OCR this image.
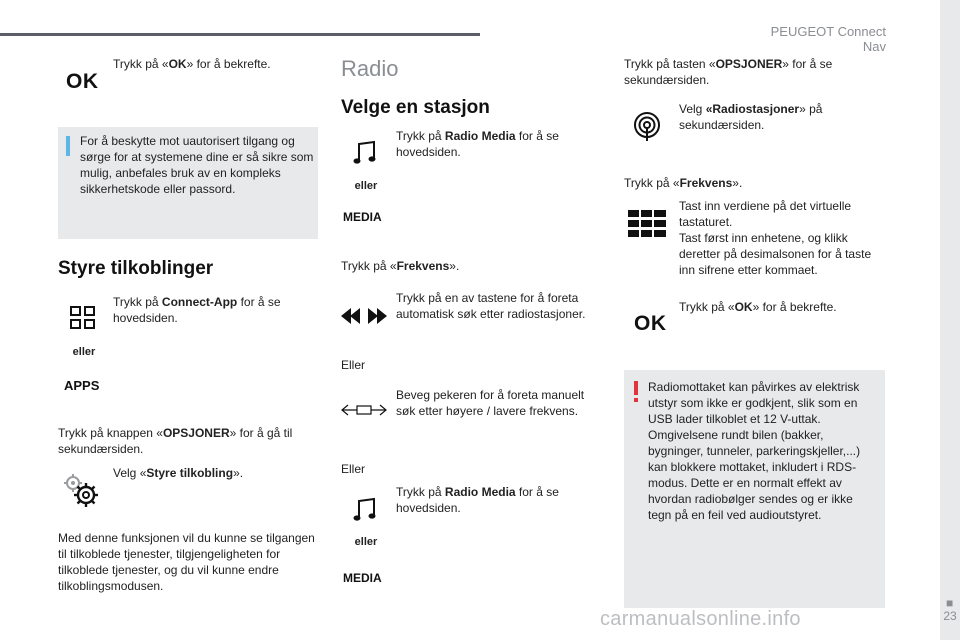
PEUGEOT Connect Nav
■
23
OK
Trykk på «OK» for å bekrefte.
For å beskytte mot uautorisert tilgang og sørge for at systemene dine er så sikre som mulig, anbefales bruk av en kompleks sikkerhetskode eller passord.
Styre tilkoblinger
Trykk på Connect-App for å se hovedsiden.
eller
APPS
Trykk på knappen «OPSJONER» for å gå til sekundærsiden.
Velg «Styre tilkobling».
Med denne funksjonen vil du kunne se tilgangen til tilkoblede tjenester, tilgjengeligheten for tilkoblede tjenester, og du vil kunne endre tilkoblingsmodusen.
Radio
Velge en stasjon
Trykk på Radio Media for å se hovedsiden.
eller
MEDIA
Trykk på «Frekvens».
Trykk på en av tastene for å foreta automatisk søk etter radiostasjoner.
Eller
Beveg pekeren for å foreta manuelt søk etter høyere / lavere frekvens.
Eller
Trykk på Radio Media for å se hovedsiden.
eller
MEDIA
Trykk på tasten «OPSJONER» for å se sekundærsiden.
Velg «Radiostasjoner» på sekundærsiden.
Trykk på «Frekvens».
Tast inn verdiene på det virtuelle tastaturet.
Tast først inn enhetene, og klikk deretter på desimalsonen for å taste inn sifrene etter kommaet.
OK
Trykk på «OK» for å bekrefte.
Radiomottaket kan påvirkes av elektrisk utstyr som ikke er godkjent, slik som en USB lader tilkoblet et 12 V-uttak. Omgivelsene rundt bilen (bakker, bygninger, tunneler, parkeringskjeller,...) kan blokkere mottaket, inkludert i RDS-modus. Dette er en normalt effekt av hvordan radiobølger sendes og er ikke tegn på en feil ved audioutstyret.
carmanualsonline.info
